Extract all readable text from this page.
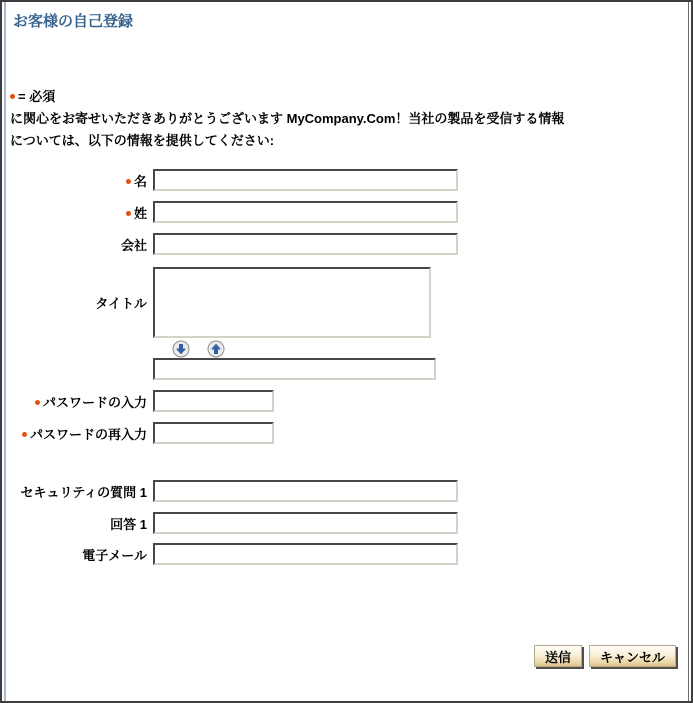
お客様の自己登録
= 必須
に関心をお寄せいただきありがとうございます MyCompany.Com！当社の製品を受信する情報
については、以下の情報を提供してください:
名
姓
会社
タイトル
パスワードの入力
パスワードの再入力
セキュリティの質問 1
回答 1
電子メール
送信	キャンセル
